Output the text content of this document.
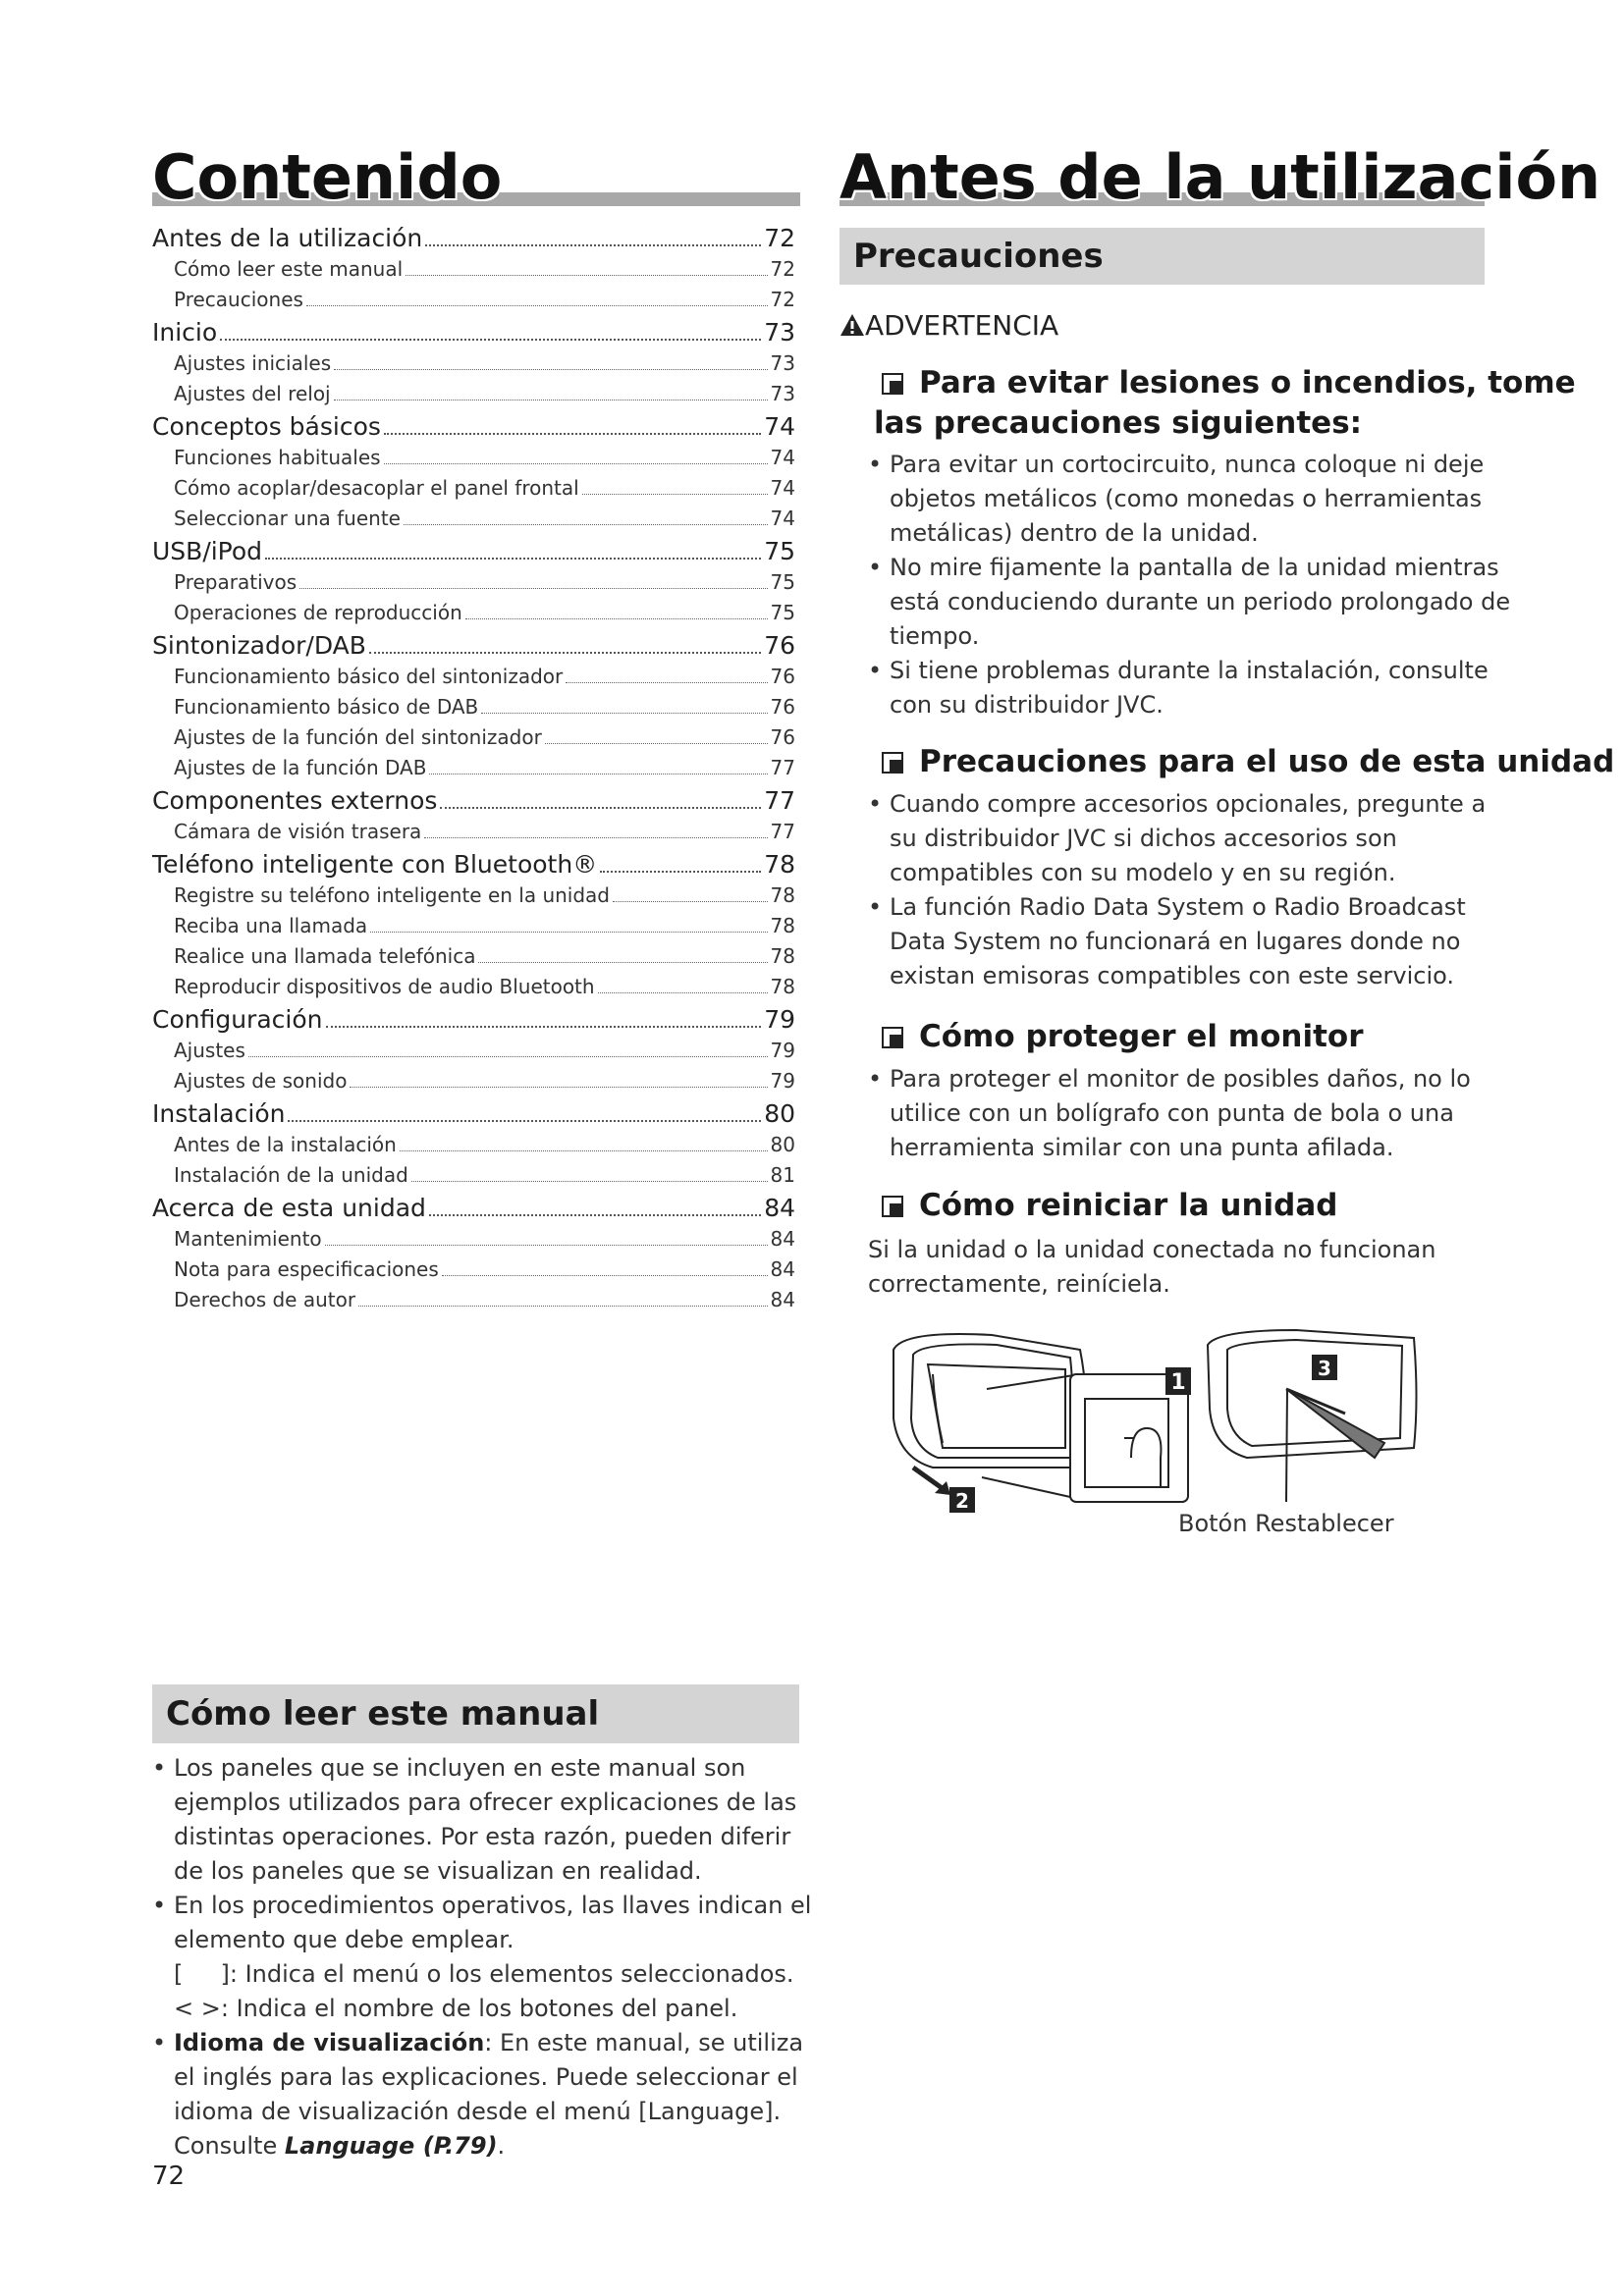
Contenido
Antes de la utilización	72
Cómo leer este manual	72
Precauciones	72
Inicio	73
Ajustes iniciales	73
Ajustes del reloj	73
Conceptos básicos	74
Funciones habituales	74
Cómo acoplar/desacoplar el panel frontal	74
Seleccionar una fuente	74
USB/iPod	75
Preparativos	75
Operaciones de reproducción	75
Sintonizador/DAB	76
Funcionamiento básico del sintonizador	76
Funcionamiento básico de DAB	76
Ajustes de la función del sintonizador	76
Ajustes de la función DAB	77
Componentes externos	77
Cámara de visión trasera	77
Teléfono inteligente con Bluetooth®	78
Registre su teléfono inteligente en la unidad	78
Reciba una llamada	78
Realice una llamada telefónica	78
Reproducir dispositivos de audio Bluetooth	78
Configuración	79
Ajustes	79
Ajustes de sonido	79
Instalación	80
Antes de la instalación	80
Instalación de la unidad	81
Acerca de esta unidad	84
Mantenimiento	84
Nota para especificaciones	84
Derechos de autor	84
Cómo leer este manual
• Los paneles que se incluyen en este manual son ejemplos utilizados para ofrecer explicaciones de las distintas operaciones. Por esta razón, pueden diferir de los paneles que se visualizan en realidad.
• En los procedimientos operativos, las llaves indican el elemento que debe emplear.
[     ]: Indica el menú o los elementos seleccionados.
< >: Indica el nombre de los botones del panel.
• Idioma de visualización: En este manual, se utiliza el inglés para las explicaciones. Puede seleccionar el idioma de visualización desde el menú [Language]. Consulte Language (P.79).
72
Antes de la utilización
Precauciones
ADVERTENCIA
Para evitar lesiones o incendios, tome
las precauciones siguientes:
• Para evitar un cortocircuito, nunca coloque ni deje objetos metálicos (como monedas o herramientas metálicas) dentro de la unidad.
• No mire fijamente la pantalla de la unidad mientras está conduciendo durante un periodo prolongado de tiempo.
• Si tiene problemas durante la instalación, consulte con su distribuidor JVC.
Precauciones para el uso de esta unidad
• Cuando compre accesorios opcionales, pregunte a su distribuidor JVC si dichos accesorios son compatibles con su modelo y en su región.
• La función Radio Data System o Radio Broadcast Data System no funcionará en lugares donde no existan emisoras compatibles con este servicio.
Cómo proteger el monitor
• Para proteger el monitor de posibles daños, no lo utilice con un bolígrafo con punta de bola o una herramienta similar con una punta afilada.
Cómo reiniciar la unidad
Si la unidad o la unidad conectada no funcionan correctamente, reiníciela.
1
2
3
Botón Restablecer
